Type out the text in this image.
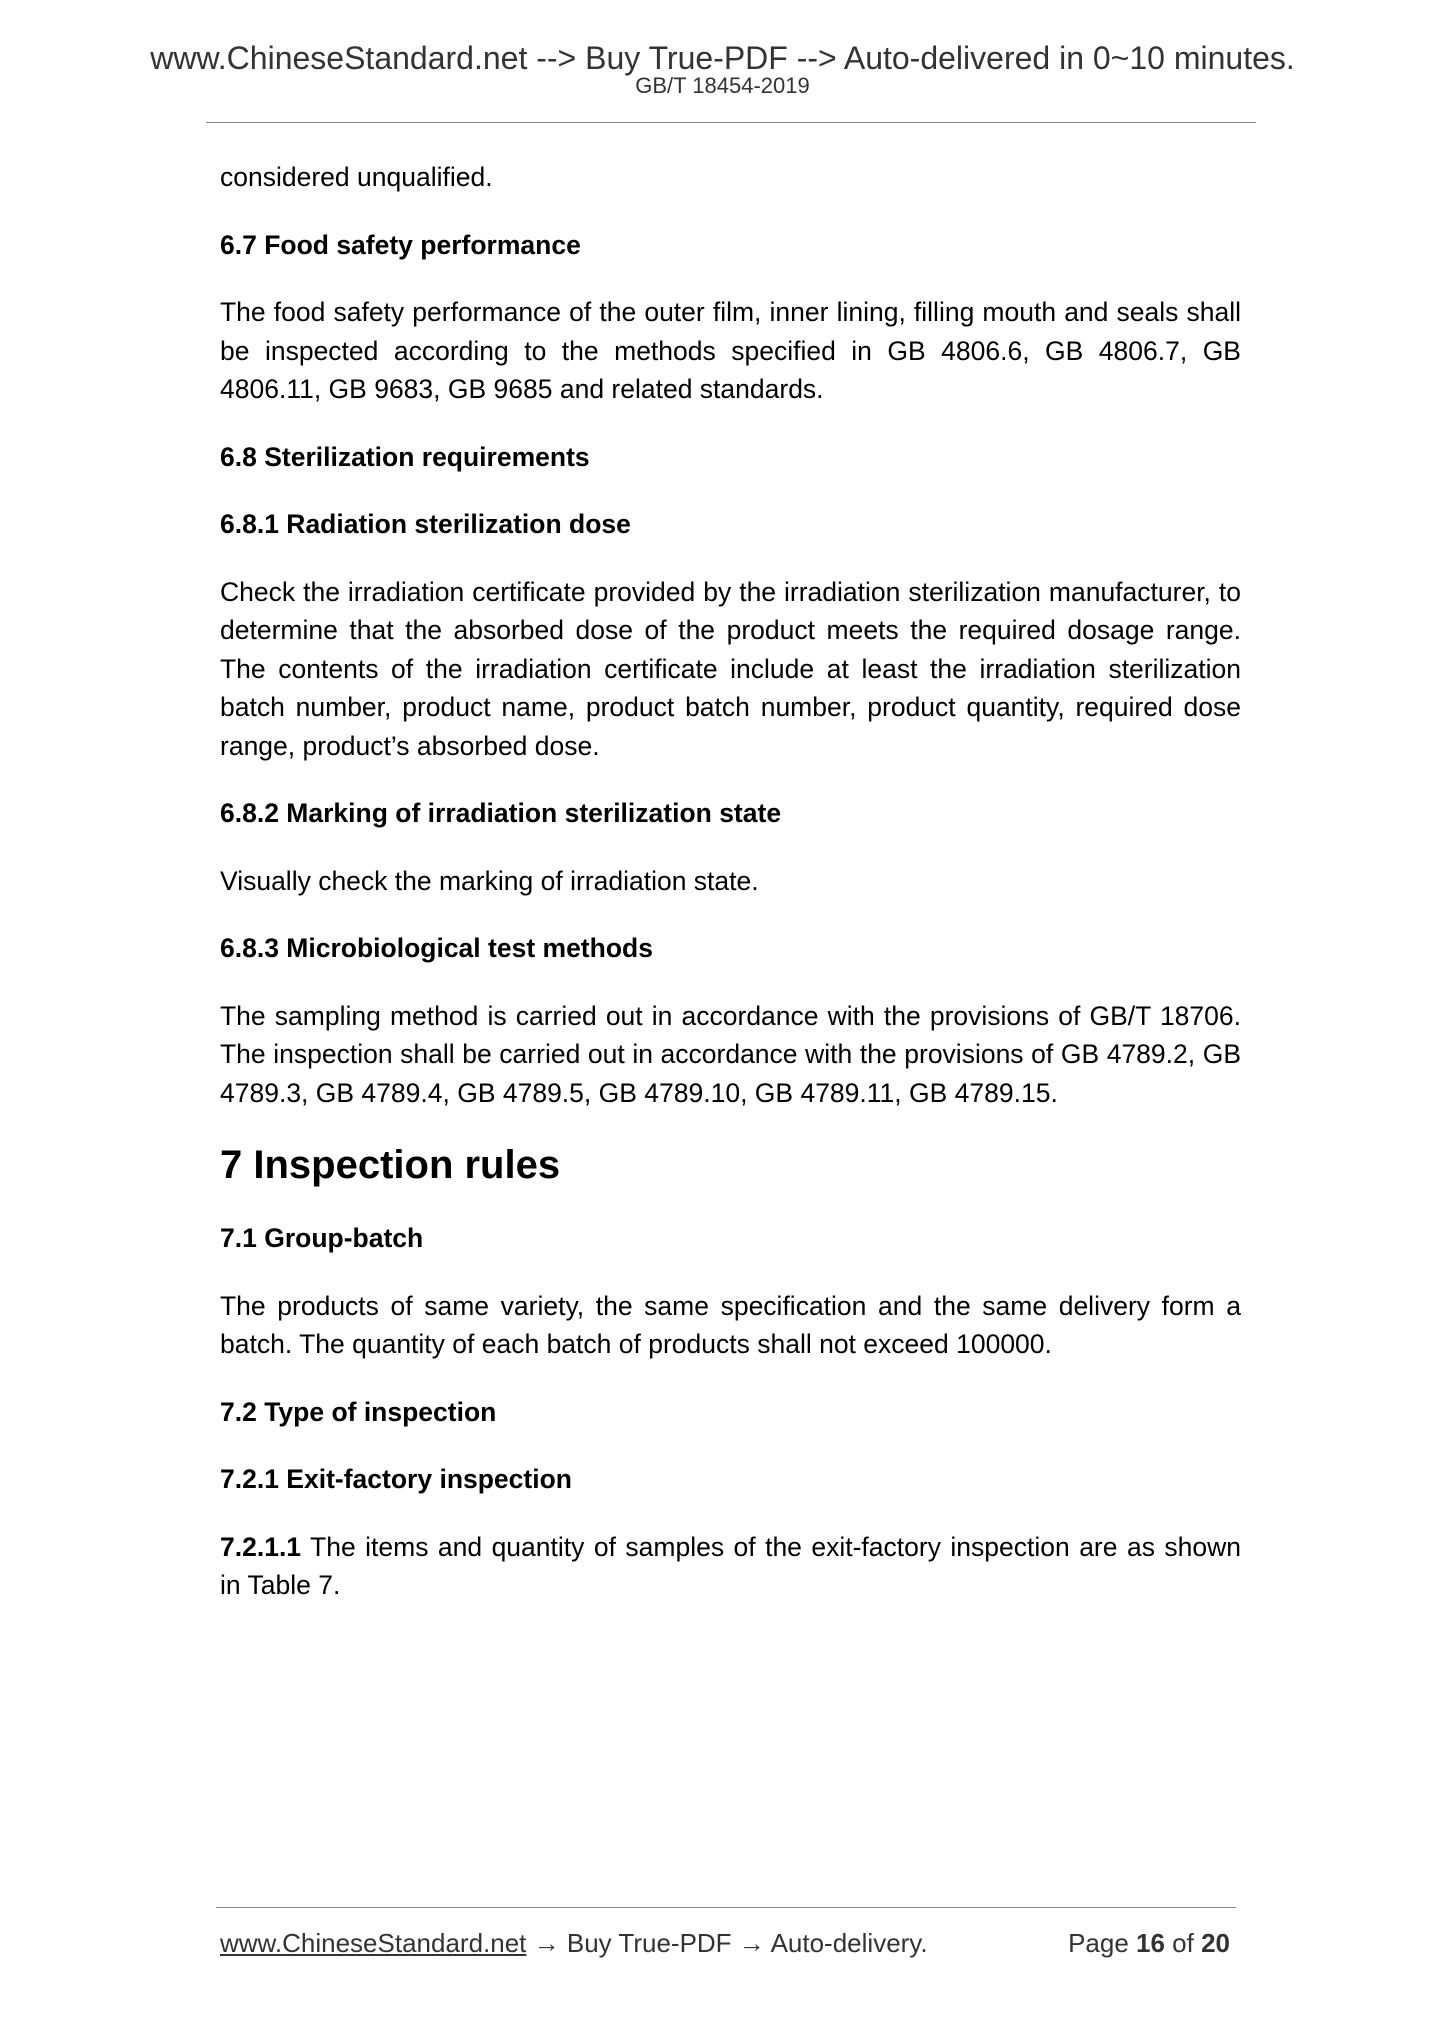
www.ChineseStandard.net --> Buy True-PDF --> Auto-delivered in 0~10 minutes.
GB/T 18454-2019

considered unqualified.

6.7 Food safety performance

The food safety performance of the outer film, inner lining, filling mouth and seals shall be inspected according to the methods specified in GB 4806.6, GB 4806.7, GB 4806.11, GB 9683, GB 9685 and related standards.

6.8 Sterilization requirements
6.8.1 Radiation sterilization dose

Check the irradiation certificate provided by the irradiation sterilization manufacturer, to determine that the absorbed dose of the product meets the required dosage range. The contents of the irradiation certificate include at least the irradiation sterilization batch number, product name, product batch number, product quantity, required dose range, product’s absorbed dose.

6.8.2 Marking of irradiation sterilization state

Visually check the marking of irradiation state.

6.8.3 Microbiological test methods

The sampling method is carried out in accordance with the provisions of GB/T 18706. The inspection shall be carried out in accordance with the provisions of GB 4789.2, GB 4789.3, GB 4789.4, GB 4789.5, GB 4789.10, GB 4789.11, GB 4789.15.

7 Inspection rules
7.1 Group-batch

The products of same variety, the same specification and the same delivery form a batch. The quantity of each batch of products shall not exceed 100000.

7.2 Type of inspection
7.2.1 Exit-factory inspection

7.2.1.1 The items and quantity of samples of the exit-factory inspection are as shown in Table 7.

www.ChineseStandard.net → Buy True-PDF → Auto-delivery.	Page 16 of 20
